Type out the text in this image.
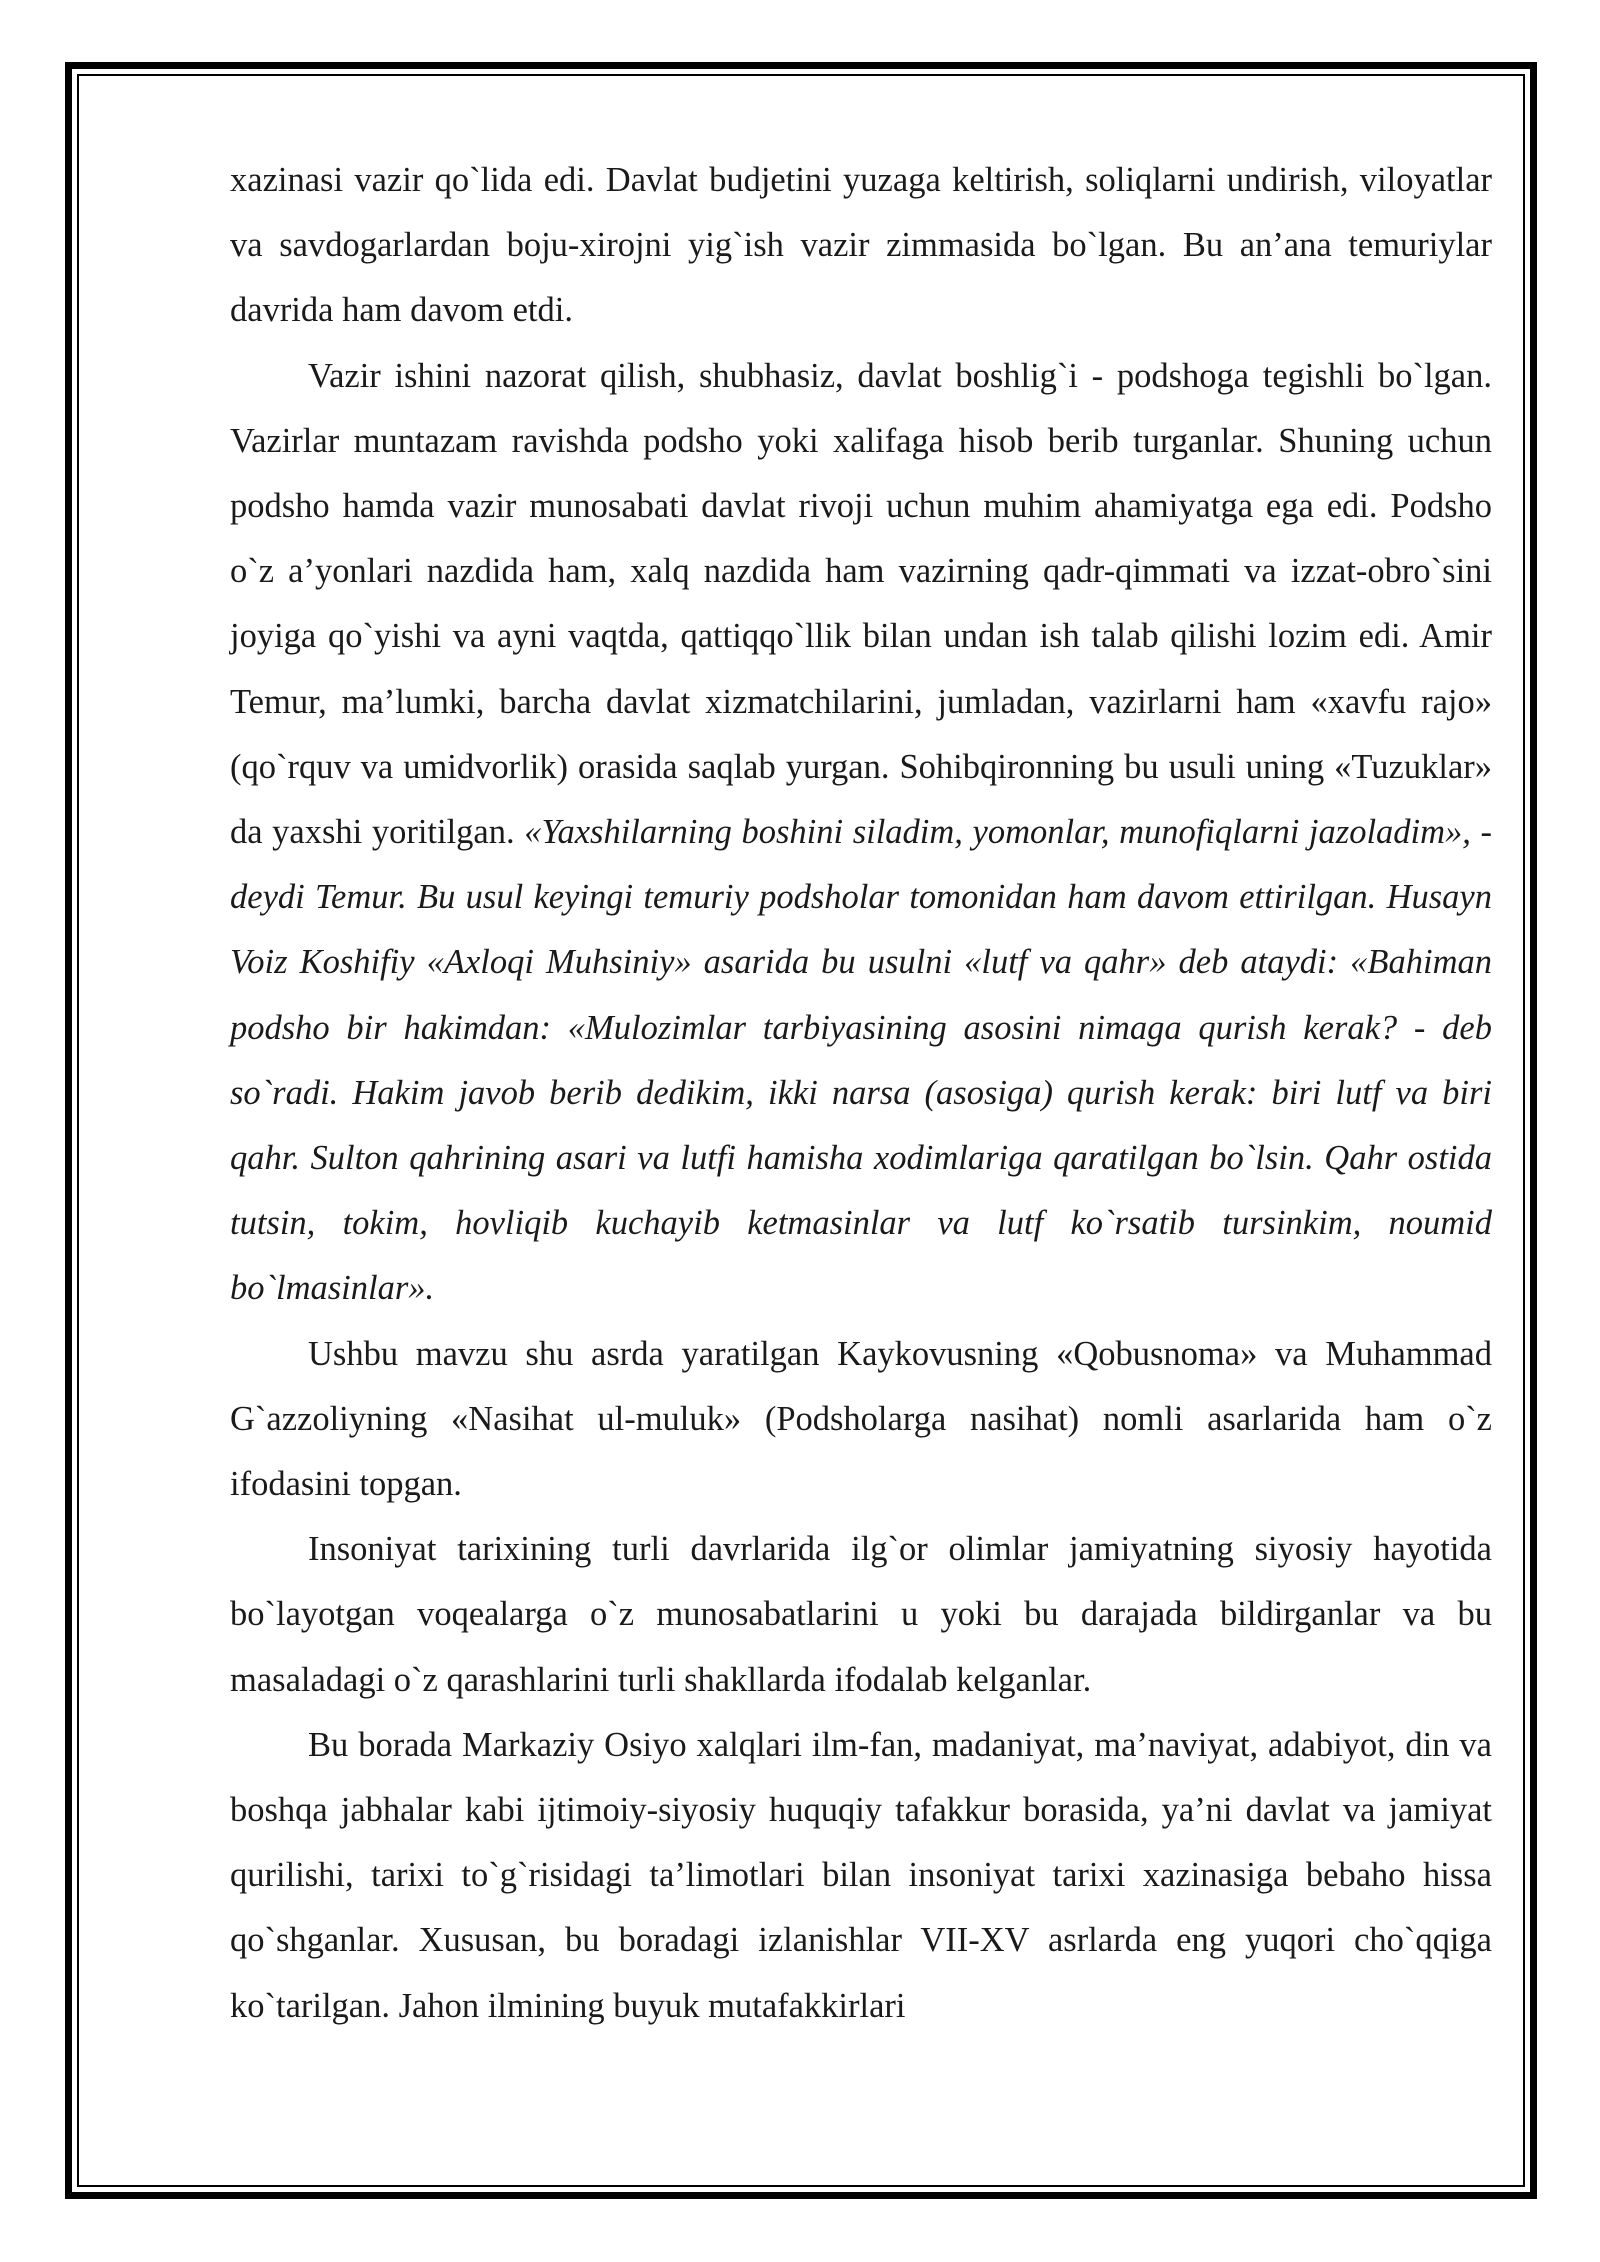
xazinasi vazir qo`lida edi. Davlat budjetini yuzaga keltirish, soliqlarni undirish, viloyatlar va savdogarlardan boju-xirojni yig`ish vazir zimmasida bo`lgan. Bu an’ana temuriylar davrida ham davom etdi.

Vazir ishini nazorat qilish, shubhasiz, davlat boshlig`i - podshoga tegishli bo`lgan. Vazirlar muntazam ravishda podsho yoki xalifaga hisob berib turganlar. Shuning uchun podsho hamda vazir munosabati davlat rivoji uchun muhim ahamiyatga ega edi. Podsho o`z a’yonlari nazdida ham, xalq nazdida ham vazirning qadr-qimmati va izzat-obro`sini joyiga qo`yishi va ayni vaqtda, qattiqqo`llik bilan undan ish talab qilishi lozim edi. Amir Temur, ma’lumki, barcha davlat xizmatchilarini, jumladan, vazirlarni ham «xavfu rajo» (qo`rquv va umidvorlik) orasida saqlab yurgan. Sohibqironning bu usuli uning «Tuzuklar» da yaxshi yoritilgan. «Yaxshilarning boshini siladim, yomonlar, munofiqlarni jazoladim», - deydi Temur. Bu usul keyingi temuriy podsholar tomonidan ham davom ettirilgan. Husayn Voiz Koshifiy «Axloqi Muhsiniy» asarida bu usulni «lutf va qahr» deb ataydi: «Bahiman podsho bir hakimdan: «Mulozimlar tarbiyasining asosini nimaga qurish kerak? - deb so`radi. Hakim javob berib dedikim, ikki narsa (asosiga) qurish kerak: biri lutf va biri qahr. Sulton qahrining asari va lutfi hamisha xodimlariga qaratilgan bo`lsin. Qahr ostida tutsin, tokim, hovliqib kuchayib ketmasinlar va lutf ko`rsatib tursinkim, noumid bo`lmasinlar».

Ushbu mavzu shu asrda yaratilgan Kaykovusning «Qobusnoma» va Muhammad G`azzoliyning «Nasihat ul-muluk» (Podsholarga nasihat) nomli asarlarida ham o`z ifodasini topgan.

Insoniyat tarixining turli davrlarida ilg`or olimlar jamiyatning siyosiy hayotida bo`layotgan voqealarga o`z munosabatlarini u yoki bu darajada bildirganlar va bu masaladagi o`z qarashlarini turli shakllarda ifodalab kelganlar.

Bu borada Markaziy Osiyo xalqlari ilm-fan, madaniyat, ma’naviyat, adabiyot, din va boshqa jabhalar kabi ijtimoiy-siyosiy huquqiy tafakkur borasida, ya’ni davlat va jamiyat qurilishi, tarixi to`g`risidagi ta’limotlari bilan insoniyat tarixi xazinasiga bebaho hissa qo`shganlar. Xususan, bu boradagi izlanishlar VII-XV asrlarda eng yuqori cho`qqiga ko`tarilgan. Jahon ilmining buyuk mutafakkirlari
